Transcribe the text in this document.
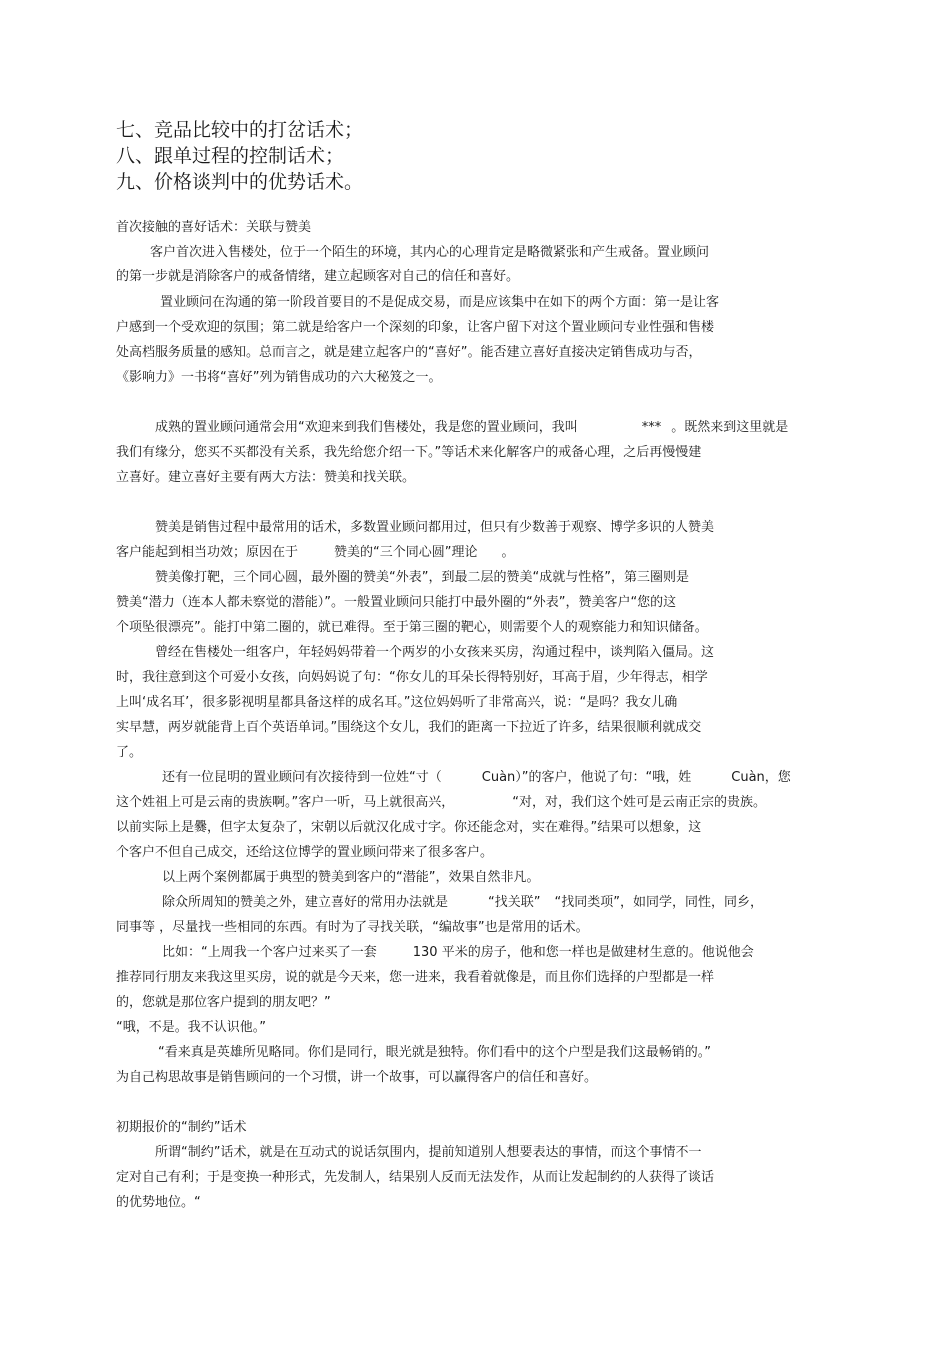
七、竞品比较中的打岔话术；
八、跟单过程的控制话术；
九、价格谈判中的优势话术。
首次接触的喜好话术：关联与赞美
客户首次进入售楼处，位于一个陌生的环境，其内心的心理肯定是略微紧张和产生戒备。置业顾问
的第一步就是消除客户的戒备情绪，建立起顾客对自己的信任和喜好。
置业顾问在沟通的第一阶段首要目的不是促成交易，而是应该集中在如下的两个方面：第一是让客
户感到一个受欢迎的氛围；第二就是给客户一个深刻的印象，让客户留下对这个置业顾问专业性强和售楼
处高档服务质量的感知。总而言之，就是建立起客户的“喜好”。能否建立喜好直接决定销售成功与否，
《影响力》一书将“喜好”列为销售成功的六大秘笈之一。
成熟的置业顾问通常会用“欢迎来到我们售楼处，我是您的置业顾问，我叫	*** 。既然来到这里就是
我们有缘分，您买不买都没有关系，我先给您介绍一下。”等话术来化解客户的戒备心理，之后再慢慢建
立喜好。建立喜好主要有两大方法：赞美和找关联。
赞美是销售过程中最常用的话术，多数置业顾问都用过，但只有少数善于观察、博学多识的人赞美
客户能起到相当功效；原因在于	赞美的“三个同心圆”理论 。
赞美像打靶，三个同心圆，最外圈的赞美“外表”，到最二层的赞美“成就与性格”，第三圈则是
赞美“潜力（连本人都未察觉的潜能）”。一般置业顾问只能打中最外圈的“外表”，赞美客户“您的这
个项坠很漂亮”。能打中第二圈的，就已难得。至于第三圈的靶心，则需要个人的观察能力和知识储备。
曾经在售楼处一组客户，年轻妈妈带着一个两岁的小女孩来买房，沟通过程中，谈判陷入僵局。这
时，我往意到这个可爱小女孩，向妈妈说了句：“你女儿的耳朵长得特别好，耳高于眉，少年得志，相学
上叫‘成名耳’，很多影视明星都具备这样的成名耳。”这位妈妈听了非常高兴，说：“是吗？我女儿确
实早慧，两岁就能背上百个英语单词。”围绕这个女儿，我们的距离一下拉近了许多，结果很顺利就成交
了。
还有一位昆明的置业顾问有次接待到一位姓“寸（	Cuàn）”的客户，他说了句：“哦，姓	Cuàn，您
这个姓祖上可是云南的贵族啊。”客户一听，马上就很高兴，	“对，对，我们这个姓可是云南正宗的贵族。
以前实际上是爨，但字太复杂了，宋朝以后就汉化成寸字。你还能念对，实在难得。”结果可以想象，这
个客户不但自己成交，还给这位博学的置业顾问带来了很多客户。
以上两个案例都属于典型的赞美到客户的“潜能”，效果自然非凡。
除众所周知的赞美之外，建立喜好的常用办法就是	“找关联” “找同类项”，如同学，同性，同乡，
同事等 ，尽量找一些相同的东西。有时为了寻找关联，“编故事”也是常用的话术。
比如：“上周我一个客户过来买了一套	130 平米的房子，他和您一样也是做建材生意的。他说他会
推荐同行朋友来我这里买房，说的就是今天来，您一进来，我看着就像是，而且你们选择的户型都是一样
的，您就是那位客户提到的朋友吧？”
“哦，不是。我不认识他。”
“看来真是英雄所见略同。你们是同行，眼光就是独特。你们看中的这个户型是我们这最畅销的。”
为自己构思故事是销售顾问的一个习惯，讲一个故事，可以赢得客户的信任和喜好。
初期报价的“制约”话术
所谓“制约”话术，就是在互动式的说话氛围内，提前知道别人想要表达的事情，而这个事情不一
定对自己有利；于是变换一种形式，先发制人，结果别人反而无法发作，从而让发起制约的人获得了谈话
的优势地位。“
